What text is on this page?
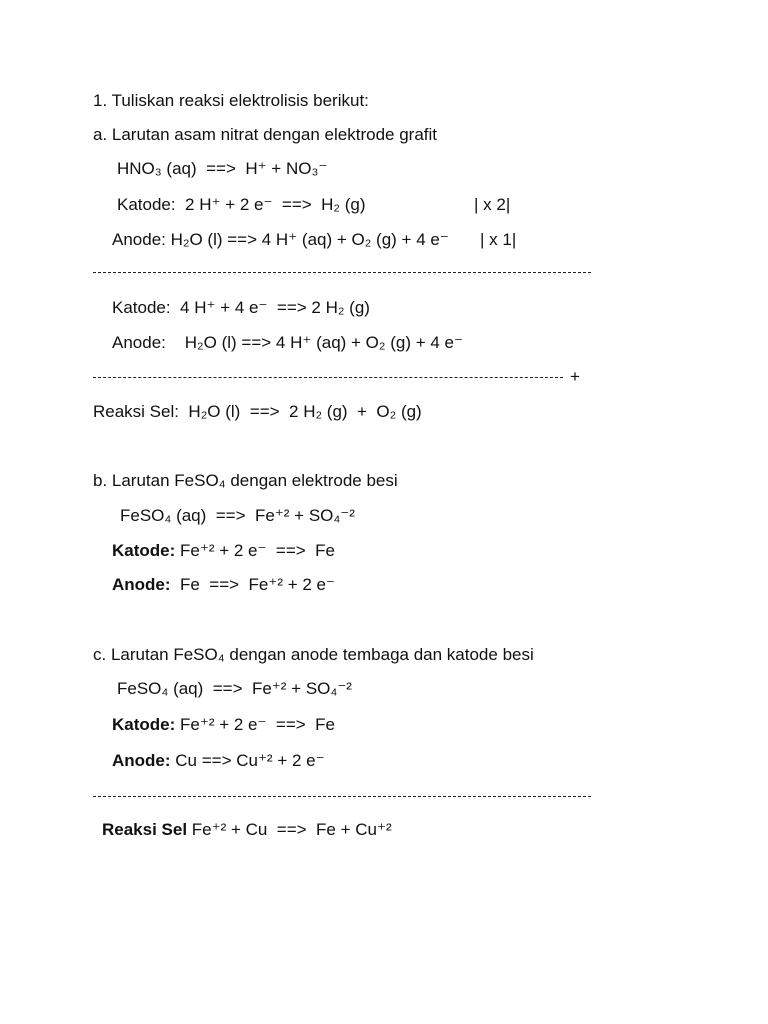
1. Tuliskan reaksi elektrolisis berikut:
a. Larutan asam nitrat dengan elektrode grafit
HNO₃ (aq)  ==>  H⁺ + NO₃⁻
Katode:  2 H⁺ + 2 e⁻  ==>  H₂ (g)	| x 2|
Anode: H₂O (l) ==> 4 H⁺ (aq) + O₂ (g) + 4 e⁻ | x 1|
Katode:  4 H⁺ + 4 e⁻  ==> 2 H₂ (g)
Anode:    H₂O (l) ==> 4 H⁺ (aq) + O₂ (g) + 4 e⁻
+
Reaksi Sel:  H₂O (l)  ==>  2 H₂ (g)  +  O₂ (g)
b. Larutan FeSO₄ dengan elektrode besi
FeSO₄ (aq)  ==>  Fe⁺² + SO₄⁻²
Katode: Fe⁺² + 2 e⁻  ==>  Fe
Anode:  Fe  ==>  Fe⁺² + 2 e⁻
c. Larutan FeSO₄ dengan anode tembaga dan katode besi
FeSO₄ (aq)  ==>  Fe⁺² + SO₄⁻²
Katode: Fe⁺² + 2 e⁻  ==>  Fe
Anode: Cu ==> Cu⁺² + 2 e⁻
Reaksi Sel Fe⁺² + Cu  ==>  Fe + Cu⁺²
